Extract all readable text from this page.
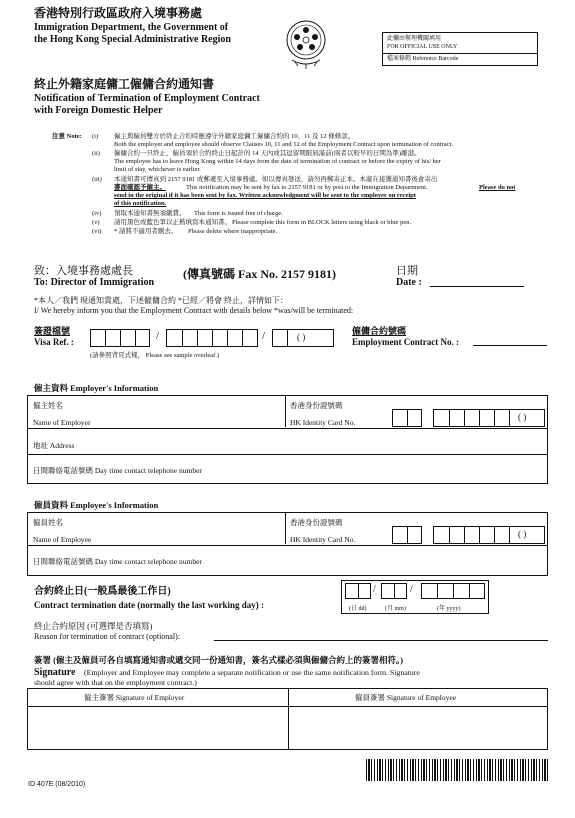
香港特別行政區政府入境事務處
Immigration Department, the Government of
the Hong Kong Special Administrative Region	此欄由辦理機關填用
FOR OFFICIAL USE ONLY
檔案條碼 Reference Barcode
終止外籍家庭傭工僱傭合約通知書
Notification of Termination of Employment Contract
with Foreign Domestic Helper
注意 Note: (i) 僱主與僱員雙方於終止合約時應遵守外籍家庭傭工僱傭合約的 10、11 及 12 條條款。
Both the employer and employee should observe Clauses 10, 11 and 12 of the Employment Contract upon termination of contract.
(ii) 僱傭合約一旦終止，僱員須於合約終止日起計的 14 天內或其逗留期限屆滿前(兩者以較早的日期為準)離港。
The employee has to leave Hong Kong within 14 days from the date of termination of contract or before the expiry of his/ her
limit of stay, whichever is earlier.
(iii) 本通知書可傳真到 2157 9181 或郵遞至入境事務處。如以傳真發送，請勿再郵寄正本。本處在接獲通知書後會寄出
書面確認予僱主。	This notification may be sent by fax to 2157 9181 or by post to the Immigration Department.	Please do not
send in the original if it has been sent by fax. Written acknowledgment will be sent to the employer on receipt
of this notification.
(iv) 領取本通知書無須繳費。 This form is issued free of charge.
(v) 請用黑色或藍色筆以正楷填寫本通知書。 Please complete this form in BLOCK letters using black or blue pen.
(vi) * 請將不適用者刪去。 Please delete where inappropriate.
致：入境事務處處長
To: Director of Immigration
(傳真號碼 Fax No. 2157 9181)	日期
Date :
*本人／我們 現通知貴處，下述僱傭合約 *已經／將會 終止，詳情如下：
I/ We hereby inform you that the Employment Contract with details below *was/will be terminated:
簽證檔號
Visa Ref. :	/	/	( )
(請參照背頁式樣， Please see sample overleaf.)
僱傭合約號碼
Employment Contract No. :
僱主資料 Employer's Information
僱主姓名
Name of Employer
香港身份證號碼
HK Identity Card No.
( )
地址 Address
日間聯絡電話號碼 Day time contact telephone number
僱員資料 Employee's Information
僱員姓名
Name of Employee
香港身份證號碼
HK Identity Card No.
( )
日間聯絡電話號碼 Day time contact telephone number
合約終止日(一般爲最後工作日)
Contract termination date (normally the last working day) :
/	/
(日 dd)	(月 mm)	(年 yyyy)
終止合約原因 (可選擇是否填寫)
Reason for termination of contract (optional):
簽署 (僱主及僱員可各自填寫通知書或遞交同一份通知書，簽名式樣必須與僱傭合約上的簽署相符。)
Signature (Employer and Employee may complete a separate notification or use the same notification form. Signature
should agree with that on the employment contract.)
僱主簽署 Signature of Employer	僱員簽署 Signature of Employee
ID 407E (08/2010)
